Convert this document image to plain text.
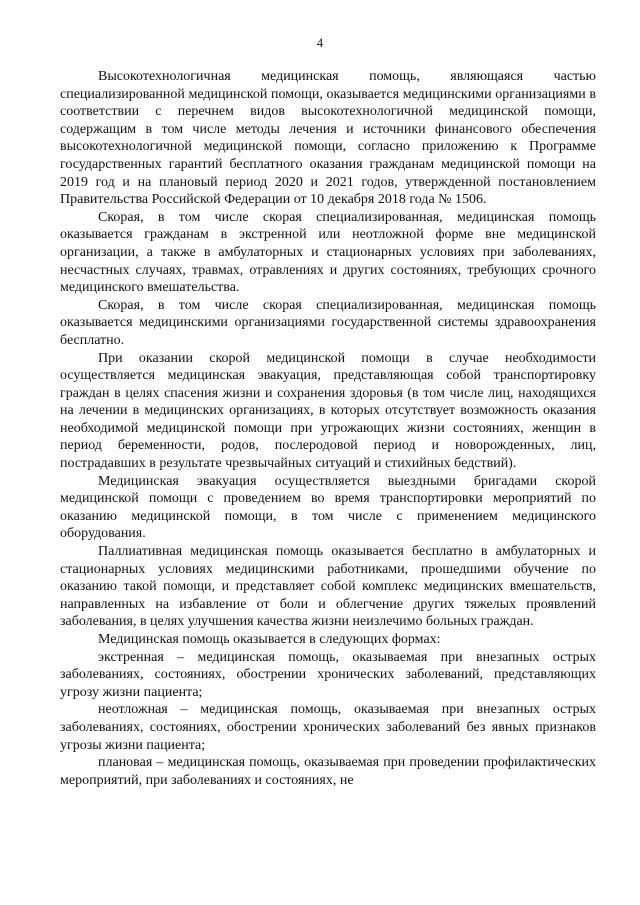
4

Высокотехнологичная медицинская помощь, являющаяся частью специализированной медицинской помощи, оказывается медицинскими организациями в соответствии с перечнем видов высокотехнологичной медицинской помощи, содержащим в том числе методы лечения и источники финансового обеспечения высокотехнологичной медицинской помощи, согласно приложению к Программе государственных гарантий бесплатного оказания гражданам медицинской помощи на 2019 год и на плановый период 2020 и 2021 годов, утвержденной постановлением Правительства Российской Федерации от 10 декабря 2018 года № 1506.

Скорая, в том числе скорая специализированная, медицинская помощь оказывается гражданам в экстренной или неотложной форме вне медицинской организации, а также в амбулаторных и стационарных условиях при заболеваниях, несчастных случаях, травмах, отравлениях и других состояниях, требующих срочного медицинского вмешательства.

Скорая, в том числе скорая специализированная, медицинская помощь оказывается медицинскими организациями государственной системы здравоохранения бесплатно.

При оказании скорой медицинской помощи в случае необходимости осуществляется медицинская эвакуация, представляющая собой транспортировку граждан в целях спасения жизни и сохранения здоровья (в том числе лиц, находящихся на лечении в медицинских организациях, в которых отсутствует возможность оказания необходимой медицинской помощи при угрожающих жизни состояниях, женщин в период беременности, родов, послеродовой период и новорожденных, лиц, пострадавших в результате чрезвычайных ситуаций и стихийных бедствий).

Медицинская эвакуация осуществляется выездными бригадами скорой медицинской помощи с проведением во время транспортировки мероприятий по оказанию медицинской помощи, в том числе с применением медицинского оборудования.

Паллиативная медицинская помощь оказывается бесплатно в амбулаторных и стационарных условиях медицинскими работниками, прошедшими обучение по оказанию такой помощи, и представляет собой комплекс медицинских вмешательств, направленных на избавление от боли и облегчение других тяжелых проявлений заболевания, в целях улучшения качества жизни неизлечимо больных граждан.

Медицинская помощь оказывается в следующих формах:

экстренная – медицинская помощь, оказываемая при внезапных острых заболеваниях, состояниях, обострении хронических заболеваний, представляющих угрозу жизни пациента;

неотложная – медицинская помощь, оказываемая при внезапных острых заболеваниях, состояниях, обострении хронических заболеваний без явных признаков угрозы жизни пациента;

плановая – медицинская помощь, оказываемая при проведении профилактических мероприятий, при заболеваниях и состояниях, не
